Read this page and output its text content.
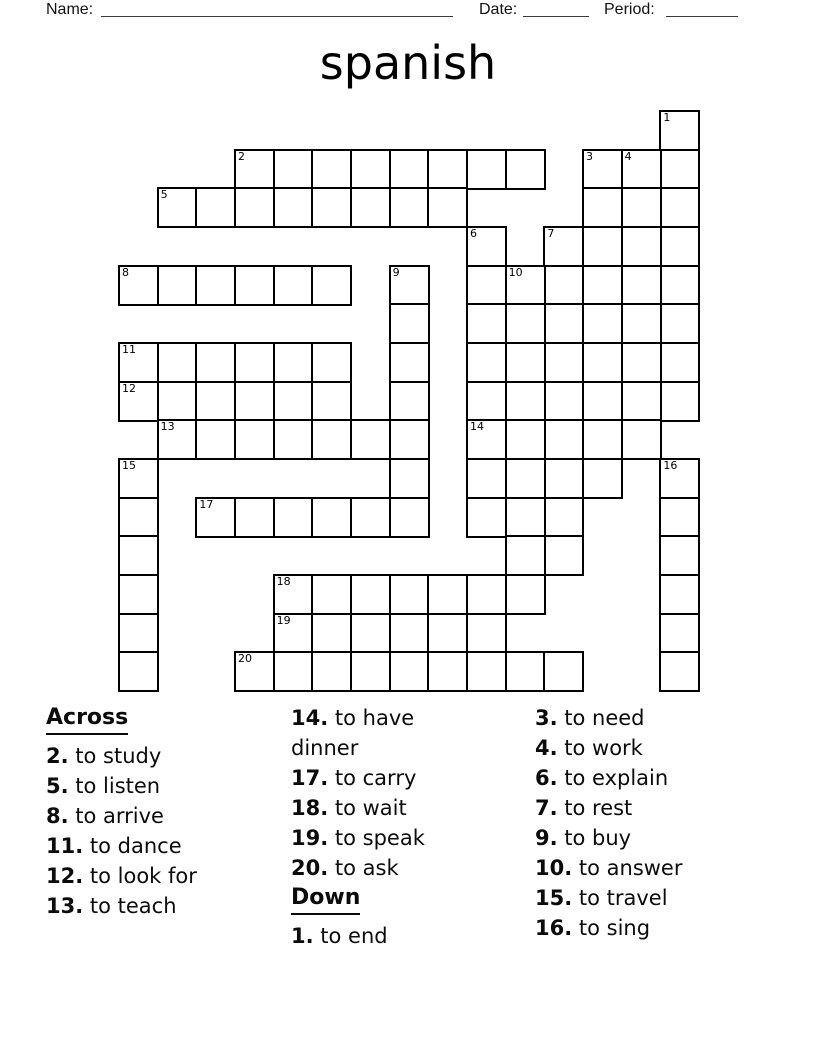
Name:	Date:	Period:
spanish
1
2	3	4
5
6
14
7
8	9	10
11
12
13
15	16
17
18
19
20
Across
2. to study
5. to listen
8. to arrive
11. to dance
12. to look for
13. to teach
14. to have dinner
17. to carry
18. to wait
19. to speak
20. to ask
Down
1. to end
3. to need
4. to work
6. to explain
7. to rest
9. to buy
10. to answer
15. to travel
16. to sing
